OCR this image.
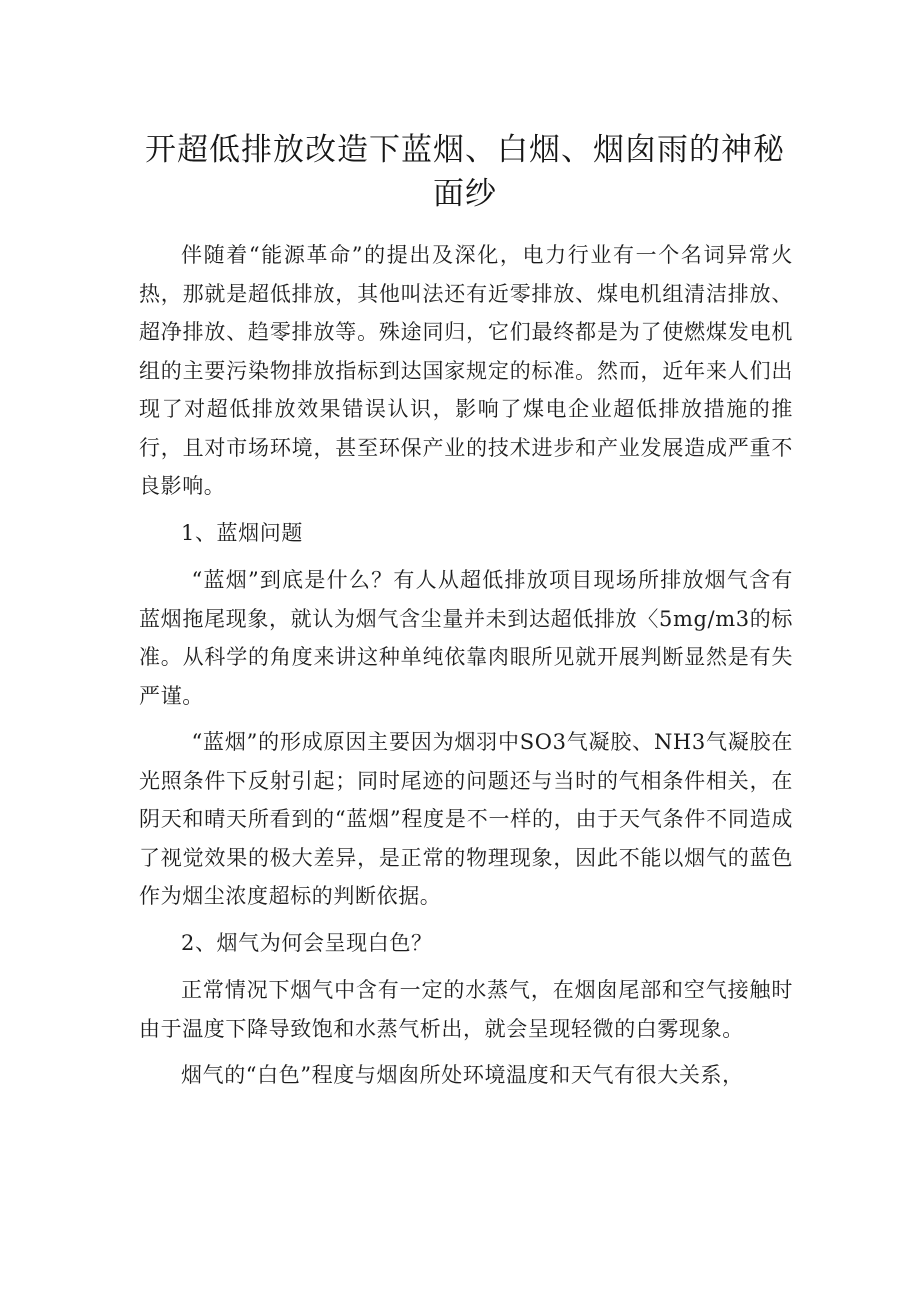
开超低排放改造下蓝烟、白烟、烟囱雨的神秘面纱

伴随着“能源革命”的提出及深化，电力行业有一个名词异常火热，那就是超低排放，其他叫法还有近零排放、煤电机组清洁排放、超净排放、趋零排放等。殊途同归，它们最终都是为了使燃煤发电机组的主要污染物排放指标到达国家规定的标准。然而，近年来人们出现了对超低排放效果错误认识，影响了煤电企业超低排放措施的推行，且对市场环境，甚至环保产业的技术进步和产业发展造成严重不良影响。

1、蓝烟问题

“蓝烟”到底是什么？有人从超低排放项目现场所排放烟气含有蓝烟拖尾现象，就认为烟气含尘量并未到达超低排放〈5mg/m3的标准。从科学的角度来讲这种单纯依靠肉眼所见就开展判断显然是有失严谨。

“蓝烟”的形成原因主要因为烟羽中SO3气凝胶、NH3气凝胶在光照条件下反射引起；同时尾迹的问题还与当时的气相条件相关，在阴天和晴天所看到的“蓝烟”程度是不一样的，由于天气条件不同造成了视觉效果的极大差异，是正常的物理现象，因此不能以烟气的蓝色作为烟尘浓度超标的判断依据。

2、烟气为何会呈现白色？

正常情况下烟气中含有一定的水蒸气，在烟囱尾部和空气接触时由于温度下降导致饱和水蒸气析出，就会呈现轻微的白雾现象。

烟气的“白色”程度与烟囱所处环境温度和天气有很大关系，
